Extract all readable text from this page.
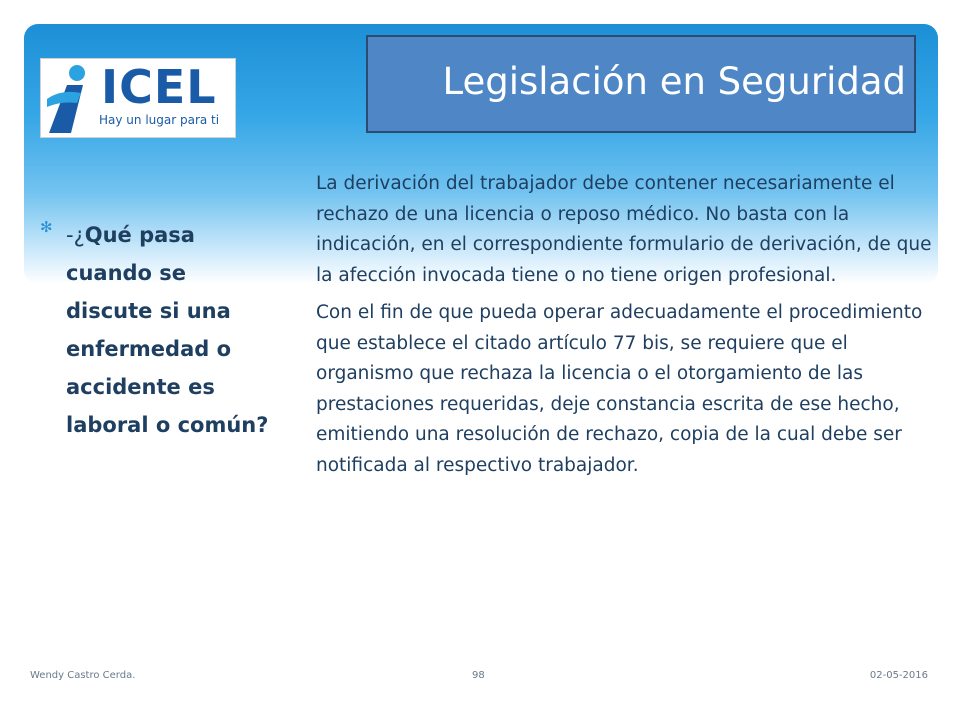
ICEL
Hay un lugar para ti
Legislación en Seguridad
✻ -¿Qué pasa cuando se discute si una enfermedad o accidente es laboral o común?

La derivación del trabajador debe contener necesariamente el rechazo de una licencia o reposo médico. No basta con la indicación, en el correspondiente formulario de derivación, de que la afección invocada tiene o no tiene origen profesional.

Con el fin de que pueda operar adecuadamente el procedimiento que establece el citado artículo 77 bis, se requiere que el organismo que rechaza la licencia o el otorgamiento de las prestaciones requeridas, deje constancia escrita de ese hecho, emitiendo una resolución de rechazo, copia de la cual debe ser notificada al respectivo trabajador.

Wendy Castro Cerda.	98	02-05-2016
